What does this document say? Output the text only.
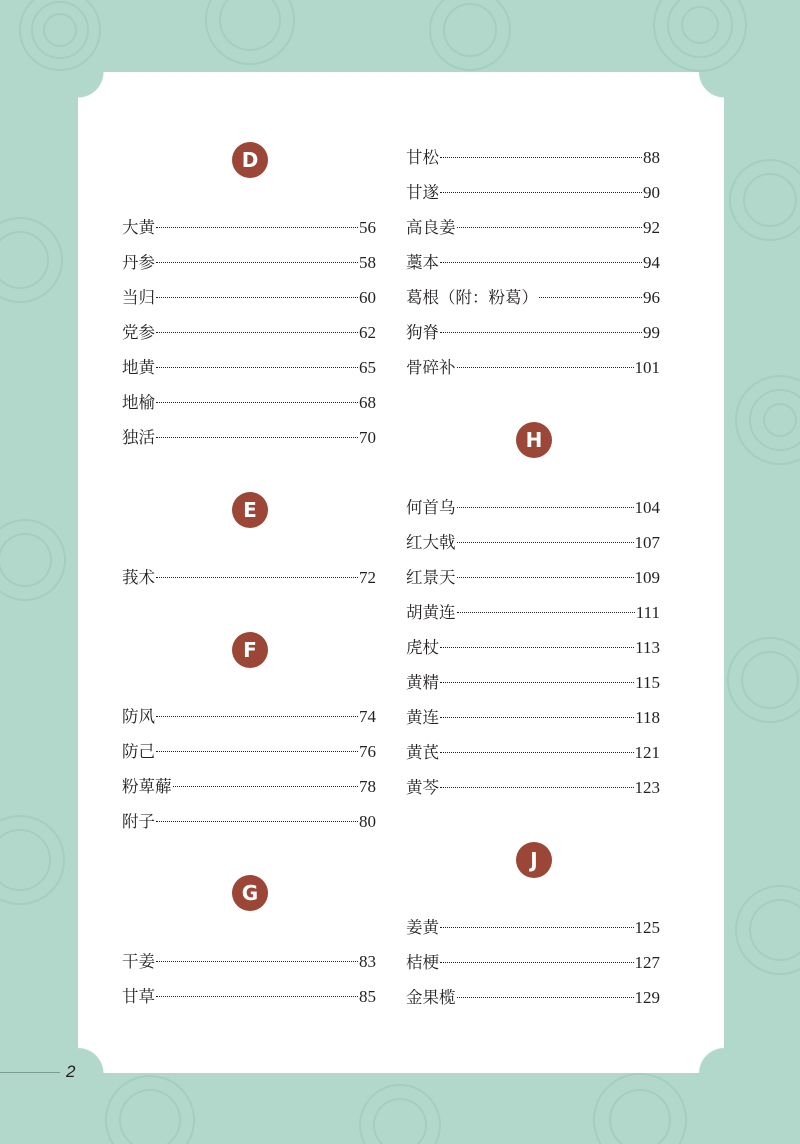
D
大黄	56
丹参	58
当归	60
党参	62
地黄	65
地榆	68
独活	70
E
莪术	72
F
防风	74
防己	76
粉萆薢	78
附子	80
G
干姜	83
甘草	85
甘松	88
甘遂	90
高良姜	92
藁本	94
葛根（附：粉葛）	96
狗脊	99
骨碎补	101
H
何首乌	104
红大戟	107
红景天	109
胡黄连	111
虎杖	113
黄精	115
黄连	118
黄芪	121
黄芩	123
J
姜黄	125
桔梗	127
金果榄	129
2
